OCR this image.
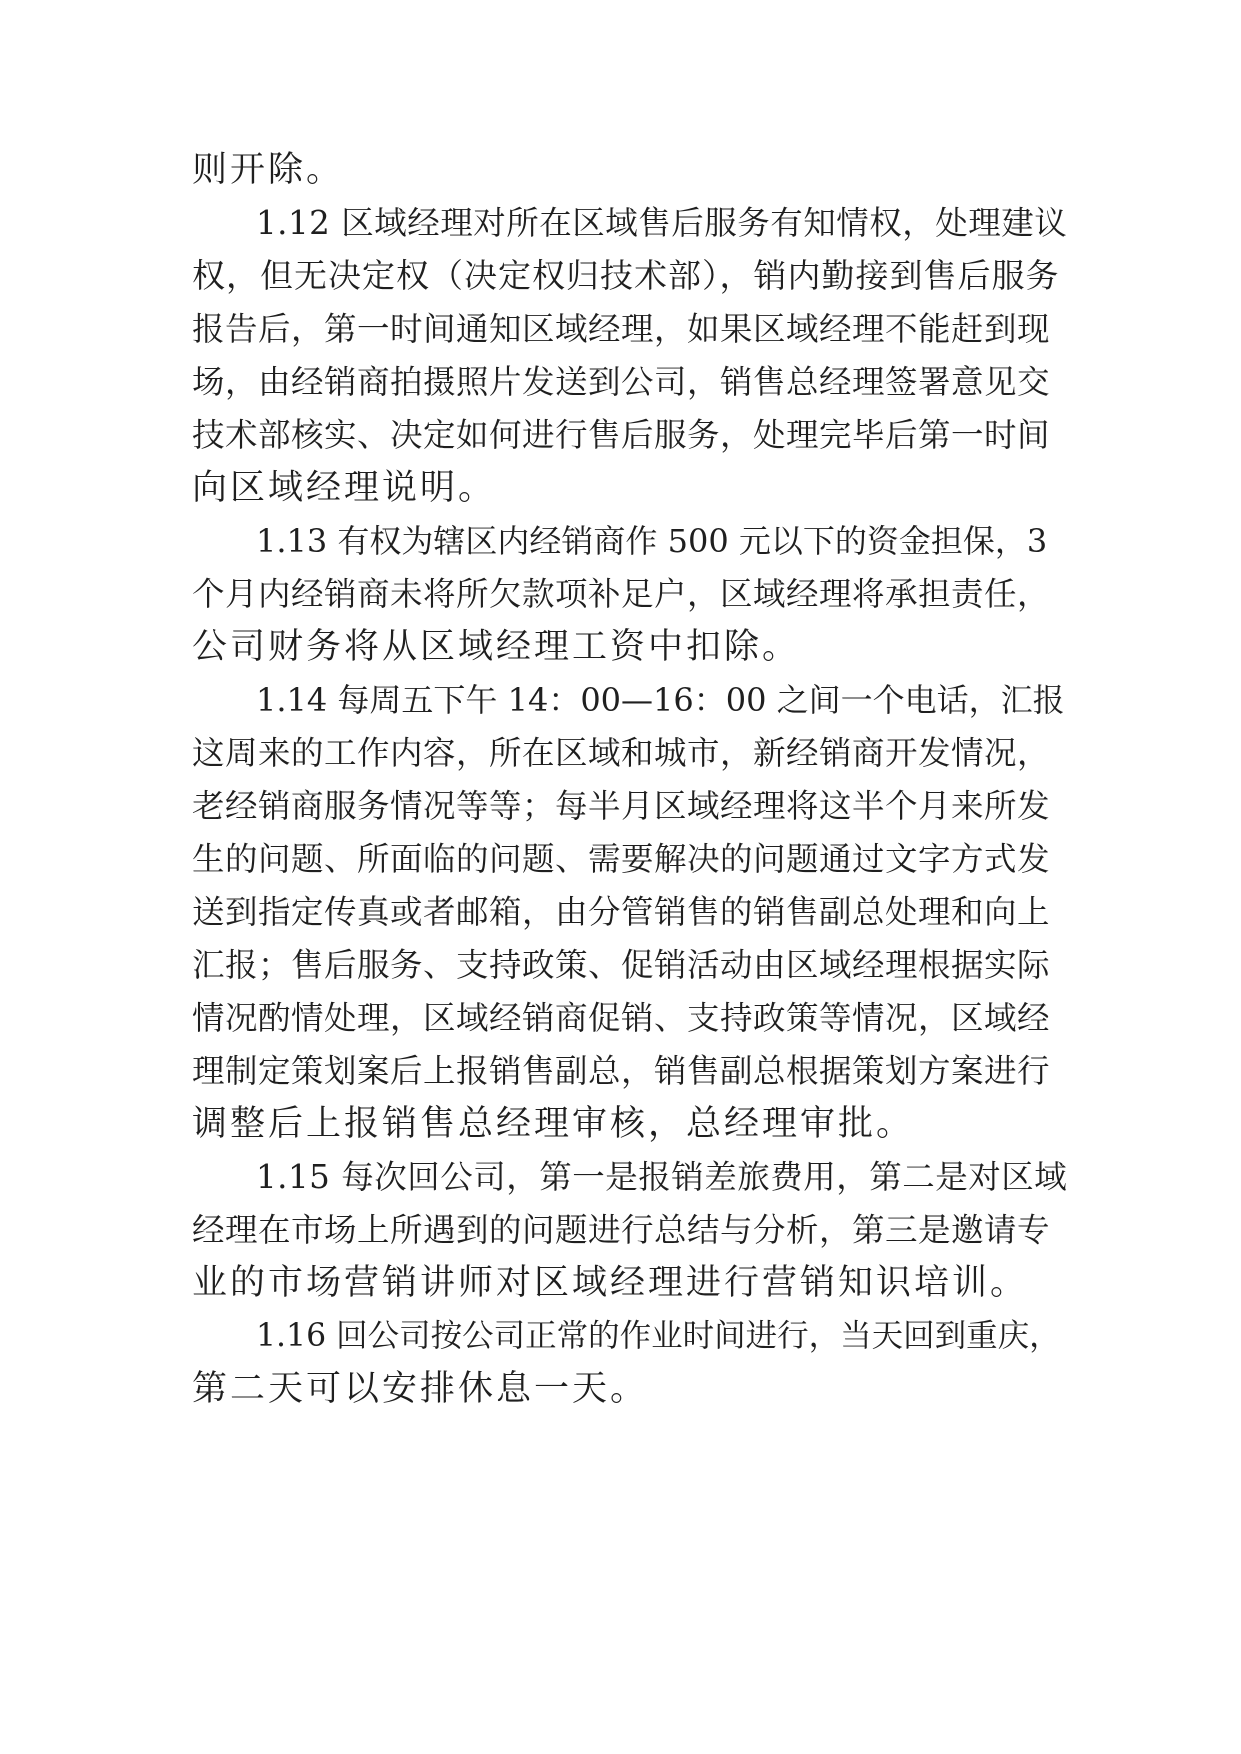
则开除。
1.12 区域经理对所在区域售后服务有知情权，处理建议
权，但无决定权（决定权归技术部），销内勤接到售后服务
报告后，第一时间通知区域经理，如果区域经理不能赶到现
场，由经销商拍摄照片发送到公司，销售总经理签署意见交
技术部核实、决定如何进行售后服务，处理完毕后第一时间
向区域经理说明。
1.13 有权为辖区内经销商作 500 元以下的资金担保，3
个月内经销商未将所欠款项补足户，区域经理将承担责任，
公司财务将从区域经理工资中扣除。
1.14 每周五下午 14：00—16：00 之间一个电话，汇报
这周来的工作内容，所在区域和城市，新经销商开发情况，
老经销商服务情况等等；每半月区域经理将这半个月来所发
生的问题、所面临的问题、需要解决的问题通过文字方式发
送到指定传真或者邮箱，由分管销售的销售副总处理和向上
汇报；售后服务、支持政策、促销活动由区域经理根据实际
情况酌情处理，区域经销商促销、支持政策等情况，区域经
理制定策划案后上报销售副总，销售副总根据策划方案进行
调整后上报销售总经理审核，总经理审批。
1.15 每次回公司，第一是报销差旅费用，第二是对区域
经理在市场上所遇到的问题进行总结与分析，第三是邀请专
业的市场营销讲师对区域经理进行营销知识培训。
1.16 回公司按公司正常的作业时间进行，当天回到重庆，
第二天可以安排休息一天。
